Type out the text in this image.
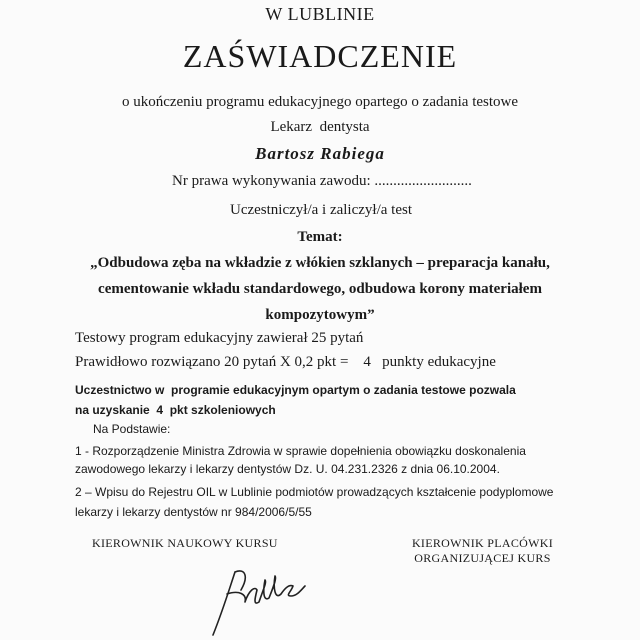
W LUBLINIE
ZAŚWIADCZENIE
o ukończeniu programu edukacyjnego opartego o zadania testowe
Lekarz  dentysta
Bartosz Rabiega
Nr prawa wykonywania zawodu: ..........................
Uczestniczył/a i zaliczył/a test
Temat:
„Odbudowa zęba na wkładzie z włókien szklanych – preparacja kanału,
cementowanie wkładu standardowego, odbudowa korony materiałem
kompozytowym”
Testowy program edukacyjny zawierał 25 pytań
Prawidłowo rozwiązano 20 pytań X 0,2 pkt =    4   punkty edukacyjne
Uczestnictwo w  programie edukacyjnym opartym o zadania testowe pozwala
na uzyskanie  4  pkt szkoleniowych
Na Podstawie:
1 - Rozporządzenie Ministra Zdrowia w sprawie dopełnienia obowiązku doskonalenia
zawodowego lekarzy i lekarzy dentystów Dz. U. 04.231.2326 z dnia 06.10.2004.
2 – Wpisu do Rejestru OIL w Lublinie podmiotów prowadzących kształcenie podyplomowe
lekarzy i lekarzy dentystów nr 984/2006/5/55
KIEROWNIK NAUKOWY KURSU	KIEROWNIK PLACÓWKI
ORGANIZUJĄCEJ KURS
